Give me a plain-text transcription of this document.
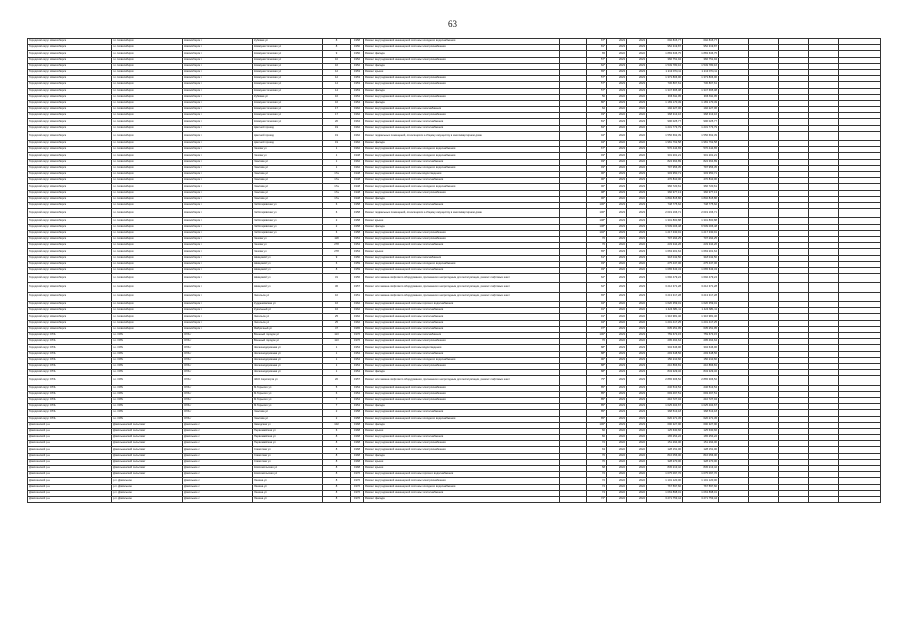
63
Городской округ Новосибирск	г.о. Новосибирск	Новосибирск г	Кубовая ул	8	1958	Ремонт внутридомовой инженерной системы холодного водоснабжения		67*	2023	2023	692 815,77	692 815,77					
Городской округ Новосибирск	г.о. Новосибирск	Новосибирск г	Коммунистическая ул	8	1950	Ремонт внутридомовой инженерной системы электроснабжения		81*	2023	2023	952 319,87	952 319,87					
Городской округ Новосибирск	г.о. Новосибирск	Новосибирск г	Коммунистическая ул	9	1950	Ремонт фасада		65	2022	2022	1 883 636,75	1 883 636,75					
Городской округ Новосибирск	г.о. Новосибирск	Новосибирск г	Коммунистическая ул	10	1952	Ремонт внутридомовой инженерной системы электроснабжения		57*	2023	2023	366 751,94	366 751,94					
Городской округ Новосибирск	г.о. Новосибирск	Новосибирск г	Коммунистическая ул	10	1952	Ремонт фасада		62*	2023	2023	1 549 780,16	1 549 780,16					
Городской округ Новосибирск	г.о. Новосибирск	Новосибирск г	Коммунистическая ул	12	1953	Ремонт крыши		65*	2023	2023	1 213 974,11	1 213 974,11					
Городской округ Новосибирск	г.о. Новосибирск	Новосибирск г	Коммунистическая ул	12	1953	Ремонт внутридомовой инженерной системы электроснабжения		57*	2023	2023	1 373 806,96	1 373 806,96					
Городской округ Новосибирск	г.о. Новосибирск	Новосибирск г	Коммунистическая ул	14	1953	Ремонт внутридомовой инженерной системы электроснабжения		57*	2023	2023	736 807,61	736 807,61					
Городской округ Новосибирск	г.о. Новосибирск	Новосибирск г	Коммунистическая ул	14	1953	Ремонт фасада		57*	2023	2023	1 347 665,08	1 347 665,08					
Городской округ Новосибирск	г.о. Новосибирск	Новосибирск г	Кубовая ул	16	1954	Ремонт внутридомовой инженерной системы электроснабжения		50	2022	2022	366 811,95	366 811,95					
Городской округ Новосибирск	г.о. Новосибирск	Новосибирск г	Коммунистическая ул	16	1954	Ремонт фасада		80*	2023	2023	1 183 170,49	1 183 170,49					
Городской округ Новосибирск	г.о. Новосибирск	Новосибирск г	Коммунистическая ул	17	1962	Ремонт внутридомовой инженерной системы газоснабжения		62	2022	2022	192 227,06	192 227,06					
Городской округ Новосибирск	г.о. Новосибирск	Новосибирск г	Коммунистическая ул	17	1962	Ремонт внутридомовой инженерной системы электроснабжения		93*	2022	2022	368 313,16	368 313,16					
Городской округ Новосибирск	г.о. Новосибирск	Новосибирск г	Коммунистическая ул	20	1964	Ремонт внутридомовой инженерной системы теплоснабжения		81*	2023	2023	996 025,77	996 025,77					
Городской округ Новосибирск	г.о. Новосибирск	Новосибирск г	Цветной проезд	19	1962	Ремонт внутридомовой инженерной системы теплоснабжения		84*	2022	2022	1 231 773,79	1 231 773,79					
Городской округ Новосибирск	г.о. Новосибирск	Новосибирск г	Цветной проезд	19	1962	Ремонт подвальных помещений, относящихся к общему имуществу в многоквартирном доме		94*	2022	2022	1 556 662,39	1 556 662,39					
Городской округ Новосибирск	г.о. Новосибирск	Новосибирск г	Цветной проезд	19	1962	Ремонт фасада		94*	2022	2022	1 981 762,58	1 981 762,58					
Городской округ Новосибирск	г.о. Новосибирск	Новосибирск г	Чехова ул	1	1962	Ремонт внутридомовой инженерной системы холодного водоснабжения		67*	2023	2023	570 444,65	570 444,65					
Городской округ Новосибирск	г.о. Новосибирск	Новосибирск г	Чехова ул	1	1948	Ремонт внутридомовой инженерной системы холодного водоснабжения		93*	2022	2022	301 201,21	301 201,21					
Городской округ Новосибирск	г.о. Новосибирск	Новосибирск г	Чкалова ул	1	1962	Ремонт внутридомовой инженерной системы теплоснабжения		93*	2022	2022	824 364,89	824 364,89					
Городской округ Новосибирск	г.о. Новосибирск	Новосибирск г	Чкалова ул	1	1962	Ремонт внутридомовой инженерной системы холодного водоснабжения		93*	2022	2022	797 956,35	797 956,35					
Городской округ Новосибирск	г.о. Новосибирск	Новосибирск г	Чкалова ул	17а	1948	Ремонт внутридомовой инженерной системы водоотведения		96*	2023	2023	303 950,71	303 950,71					
Городской округ Новосибирск	г.о. Новосибирск	Новосибирск г	Чкалова ул	17а	1948	Ремонт внутридомовой инженерной системы теплоснабжения		96*	2023	2023	470 810,00	470 810,00					
Городской округ Новосибирск	г.о. Новосибирск	Новосибирск г	Чкалова ул	17а	1948	Ремонт внутридомовой инженерной системы холодного водоснабжения		96*	2023	2023	366 720,61	366 720,61					
Городской округ Новосибирск	г.о. Новосибирск	Новосибирск г	Чкалова ул	17а	1948	Ремонт внутридомовой инженерной системы электроснабжения		98*	2023	2023	366 977,13	366 977,13					
Городской округ Новосибирск	г.о. Новосибирск	Новосибирск г	Чкалова ул	17а	1948	Ремонт фасада		96*	2022	2022	1 802 815,86	1 802 815,86					
Городской округ Новосибирск	г.о. Новосибирск	Новосибирск г	Чеботарёвская ул	6	1958	Ремонт внутридомовой инженерной системы теплоснабжения		106*	2023	2023	748 775,62	748 775,62					
Городской округ Новосибирск	г.о. Новосибирск	Новосибирск г	Чеботарёвская ул	6	1958	Ремонт подвальных помещений, относящихся к общему имуществу в многоквартирном доме		106*	2023	2023	2 019 166,71	2 019 166,71					
Городской округ Новосибирск	г.о. Новосибирск	Новосибирск г	Чеботарёвская ул	2	1958	Ремонт крыши		108*	2023	2023	1 301 800,88	1 301 800,88					
Городской округ Новосибирск	г.о. Новосибирск	Новосибирск г	Чеботарёвская ул	2	1958	Ремонт фасада		108*	2023	2023	6 509 006,48	6 509 006,48					
Городской округ Новосибирск	г.о. Новосибирск	Новосибирск г	Чеботарёвская ул	6	1958	Ремонт внутридомовой инженерной системы электроснабжения		102*	2023	2023	1 217 330,91	1 217 330,91					
Городской округ Новосибирск	г.о. Новосибирск	Новосибирск г	Чехова ул	118	1954	Ремонт внутридомовой инженерной системы электроснабжения		70	2023	2023	707 294,25	707 294,25					
Городской округ Новосибирск	г.о. Новосибирск	Новосибирск г	Чехова ул	278	1954	Ремонт внутридомовой инженерной системы теплоснабжения		70	2022	2022	233 344,26	233 344,26					
Городской округ Новосибирск	г.о. Новосибирск	Новосибирск г	Чехова ул	278	1954	Ремонт крыши		65*	2023	2023	1 663 201,64	1 663 201,64					
Городской округ Новосибирск	г.о. Новосибирск	Новосибирск г	Шевцовой ул	9	1950	Ремонт внутридомовой инженерной системы газоснабжения		61*	2023	2023	318 042,50	318 042,50					
Городской округ Новосибирск	г.о. Новосибирск	Новосибирск г	Шевцовой ул	6	1959	Ремонт внутридомовой инженерной системы холодного водоснабжения		93*	2022	2022	275 437,06	275 437,06					
Городской округ Новосибирск	г.о. Новосибирск	Новосибирск г	Шевцовой ул	8	1959	Ремонт внутридомовой инженерной системы теплоснабжения		93*	2022	2022	1 065 643,43	1 065 643,43					
Городской округ Новосибирск	г.о. Новосибирск	Новосибирск г	Шевцовой ул	31	1956	Ремонт или замена лифтового оборудования, признанного непригодным для эксплуатации, ремонт лифтовых шахт		62*	2023	2023	1 692 479,24	1 692 479,24					
Городской округ Новосибирск	г.о. Новосибирск	Новосибирск г	Шевцовой ул	36	1957	Ремонт или замена лифтового оборудования, признанного непригодным для эксплуатации, ремонт лифтовых шахт		62*	2023	2023	3 212 371,28	3 212 371,28					
Городской округ Новосибирск	г.о. Новосибирск	Новосибирск г	Энгельса ул	10	1951	Ремонт или замена лифтового оборудования, признанного непригодным для эксплуатации, ремонт лифтовых шахт		65*	2023	2023	3 213 317,28	3 213 317,28					
Городской округ Новосибирск	г.о. Новосибирск	Новосибирск г	Курдюмовская ул	16	1962	Ремонт внутридомовой инженерной системы горячего водоснабжения		94*	2022	2022	1 620 359,01	1 620 359,01					
Городской округ Новосибирск	г.о. Новосибирск	Новосибирск г	Кукольный ул	16	1962	Ремонт внутридомовой инженерной системы теплоснабжения		91*	2022	2022	1 424 681,11	1 424 681,11					
Городской округ Новосибирск	г.о. Новосибирск	Новосибирск г	Энгельса ул	25	1962	Ремонт внутридомовой инженерной системы теплоснабжения		91*	2022	2022	1 316 981,46	1 316 981,46					
Городской округ Новосибирск	г.о. Новосибирск	Новосибирск г	Энгельса ул	25	1962	Ремонт внутридомовой инженерной системы теплоснабжения		94*	2022	2022	1 201 417,25	1 201 417,25					
Городской округ Новосибирск	г.о. Новосибирск	Новосибирск г	Фабричный ул	47	1965	Ремонт внутридомовой инженерной системы теплоснабжения		97*	2023	2023	635 251,95	635 251,95					
Городской округ ОбЪ	г.о. ОбЪ	ОбЪ г	Военный городок ул	113	1976	Ремонт внутридомовой инженерной системы газоснабжения		100*	2023	2023	759 673,15	759 673,15					
Городской округ ОбЪ	г.о. ОбЪ	ОбЪ г	Военный городок ул	113	1976	Ремонт внутридомовой инженерной системы электроснабжения		70	2022	2022	295 464,64	295 464,64					
Городской округ ОбЪ	г.о. ОбЪ	ОбЪ г	Железнодорожная ул	1	1954	Ремонт внутридомовой инженерной системы водоотведения		88*	2023	2023	304 646,96	304 646,96					
Городской округ ОбЪ	г.о. ОбЪ	ОбЪ г	Железнодорожная ул	1	1954	Ремонт внутридомовой инженерной системы теплоснабжения		88*	2023	2023	293 648,56	293 648,56					
Городской округ ОбЪ	г.о. ОбЪ	ОбЪ г	Железнодорожная ул	1	1954	Ремонт внутридомовой инженерной системы холодного водоснабжения		90*	2023	2023	150 210,60	150 210,60					
Городской округ ОбЪ	г.о. ОбЪ	ОбЪ г	Железнодорожная ул	1	1954	Ремонт внутридомовой инженерной системы электроснабжения		88*	2023	2023	210 866,81	210 866,81					
Городской округ ОбЪ	г.о. ОбЪ	ОбЪ г	Железнодорожная ул	1	1954	Ремонт фасада		88*	2023	2023	843 329,32	843 329,32					
Городской округ ОбЪ	г.о. ОбЪ	ОбЪ г	ЖКО Аэропорта ул	20	1957	Ремонт или замена лифтового оборудования, признанного непригодным для эксплуатации, ремонт лифтовых шахт		75*	2023	2023	2 865 306,52	2 865 306,52					
Городской округ ОбЪ	г.о. ОбЪ	ОбЪ г	М.Горького ул	5	1954	Ремонт внутридомовой инженерной системы электроснабжения		85*	2023	2023	246 513,54	246 513,54					
Городской округ ОбЪ	г.о. ОбЪ	ОбЪ г	М.Горького ул	6	1954	Ремонт внутридомовой инженерной системы электроснабжения		85*	2023	2023	693 467,51	693 467,51					
Городской округ ОбЪ	г.о. ОбЪ	ОбЪ г	М.Горького ул	7	1954	Ремонт внутридомовой инженерной системы электроснабжения		85*	2023	2023	210 727,04	210 727,04					
Городской округ ОбЪ	г.о. ОбЪ	ОбЪ г	М.Горького ул	7	1954	Ремонт фасада		85*	2023	2023	1 025 404,67	1 025 404,67					
Городской округ ОбЪ	г.о. ОбЪ	ОбЪ г	Чкалова ул	2	1958	Ремонт внутридомовой инженерной системы теплоснабжения		85*	2023	2023	368 513,18	368 513,18					
Городской округ ОбЪ	г.о. ОбЪ	ОбЪ г	Чкалова ул	2	1958	Ремонт внутридомовой инженерной системы холодного водоснабжения		85*	2023	2023	620 271,45	620 271,45					
Доволенский р-н	Довольненский сельсовет	Довольное с	Заводская ул	102	1968	Ремонт фасада		106*	2023	2023	690 327,90	690 327,90					
Доволенский р-н	Довольненский сельсовет	Довольное с	Первомайская ул	6	1968	Ремонт крыши		60	2022	2022	125 630,66	125 630,66					
Доволенский р-н	Довольненский сельсовет	Довольное с	Первомайская ул	8	1968	Ремонт внутридомовой инженерной системы теплоснабжения		82	2022	2022	165 254,22	165 254,22					
Доволенский р-н	Довольненский сельсовет	Довольное с	Первомайская ул	8	1968	Ремонт внутридомовой инженерной системы электроснабжения		72	2022	2022	151 294,00	151 294,00					
Доволенский р-н	Довольненский сельсовет	Довольное с	Советская ул	8	1968	Ремонт внутридомовой инженерной системы электроснабжения		63	2022	2022	128 151,00	128 151,00					
Доволенский р-н	Довольненский сельсовет	Довольное с	Советская ул	8	1968	Ремонт фасада		70	2022	2022	816 056,00	816 056,00					
Доволенский р-н	Довольненский сельсовет	Довольное с	Советская ул	8	1968	Ремонт крыши		70	2022	2022	328 270,00	328 270,00					
Доволенский р-н	Довольненский сельсовет	Довольное с	Комсомольская ул	8	1968	Ремонт крыши		68	2022	2022	845 213,42	845 213,42					
Доволенский р-н	Довольненский сельсовет	Довольное с	Комсомольская ул	8	1976	Ремонт внутридомовой инженерной системы горячего водоснабжения		72	2022	2022	1 075 097,70	1 075 097,70					
Доволенский р-н	р.п. Довольное	Довольное с	Ленина ул	8	1976	Ремонт внутридомовой инженерной системы электроснабжения		72	2022	2022	1 101 120,00	1 101 120,00					
Доволенский р-н	р.п. Довольное	Довольное с	Ленина ул	8	1976	Ремонт внутридомовой инженерной системы холодного водоснабжения		74	2022	2022	767 597,60	767 597,60					
Доволенский р-н	р.п. Довольное	Довольное с	Ленина ул	8	1976	Ремонт внутридомовой инженерной системы теплоснабжения		74	2022	2022	1 063 898,01	1 063 898,01					
Доволенский р-н	р.п. Довольное	Довольное с	Ленина ул	8	1976	Ремонт фасада		72*	2022	2022	3 271 753,44	3 271 753,44					
